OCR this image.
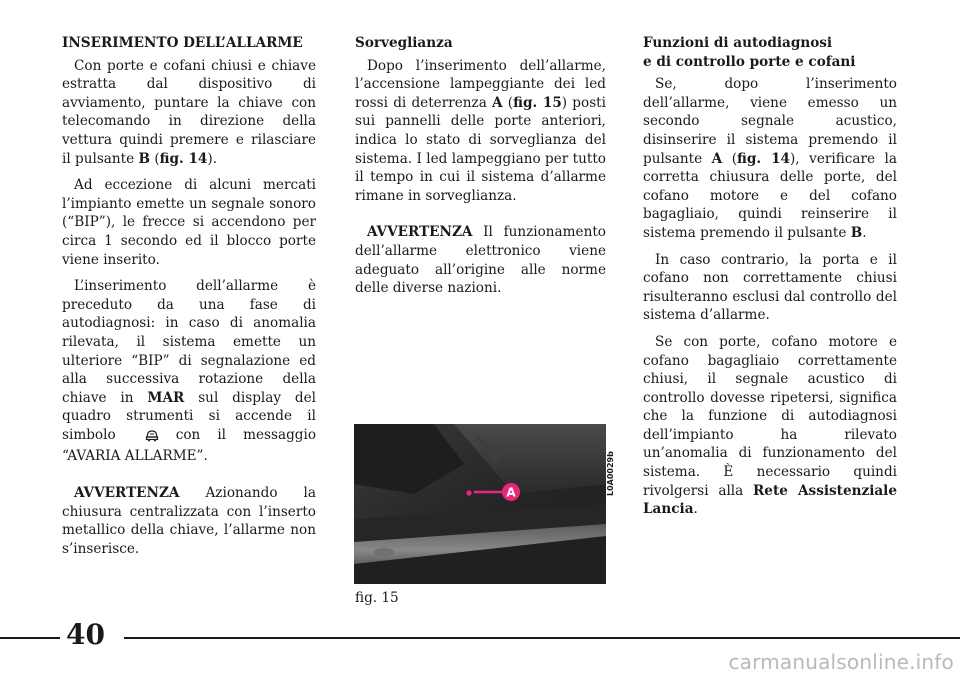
INSERIMENTO DELL’ALLARME

Con porte e cofani chiusi e chiave estratta dal dispositivo di avviamento, puntare la chiave con telecomando in direzione della vettura quindi premere e rilasciare il pulsante B (fig. 14).

Ad eccezione di alcuni mercati l’impianto emette un segnale sonoro (“BIP”), le frecce si accendono per circa 1 secondo ed il blocco porte viene inserito.

L’inserimento dell’allarme è preceduto da una fase di autodiagnosi: in caso di anomalia rilevata, il sistema emette un ulteriore “BIP” di segnalazione ed alla successiva rotazione della chiave in MAR sul display del quadro strumenti si accende il simbolo  con il messaggio “AVARIA ALLARME”.

AVVERTENZA Azionando la chiusura centralizzata con l’inserto metallico della chiave, l’allarme non s’inserisce.

Sorveglianza

Dopo l’inserimento dell’allarme, l’accensione lampeggiante dei led rossi di deterrenza A (fig. 15) posti sui pannelli delle porte anteriori, indica lo stato di sorveglianza del sistema. I led lampeggiano per tutto il tempo in cui il sistema d’allarme rimane in sorveglianza.

AVVERTENZA Il funzionamento dell’allarme elettronico viene adeguato all’origine alle norme delle diverse nazioni.

Funzioni di autodiagnosi
e di controllo porte e cofani

Se, dopo l’inserimento dell’allarme, viene emesso un secondo segnale acustico, disinserire il sistema premendo il pulsante A (fig. 14), verificare la corretta chiusura delle porte, del cofano motore e del cofano bagagliaio, quindi reinserire il sistema premendo il pulsante B.

In caso contrario, la porta e il cofano non correttamente chiusi risulteranno esclusi dal controllo del sistema d’allarme.

Se con porte, cofano motore e cofano bagagliaio correttamente chiusi, il segnale acustico di controllo dovesse ripetersi, significa che la funzione di autodiagnosi dell’impianto ha rilevato un’anomalia di funzionamento del sistema. È necessario quindi rivolgersi alla Rete Assistenziale Lancia.

A	L0A0029b
fig. 15
40
carmanualsonline.info
